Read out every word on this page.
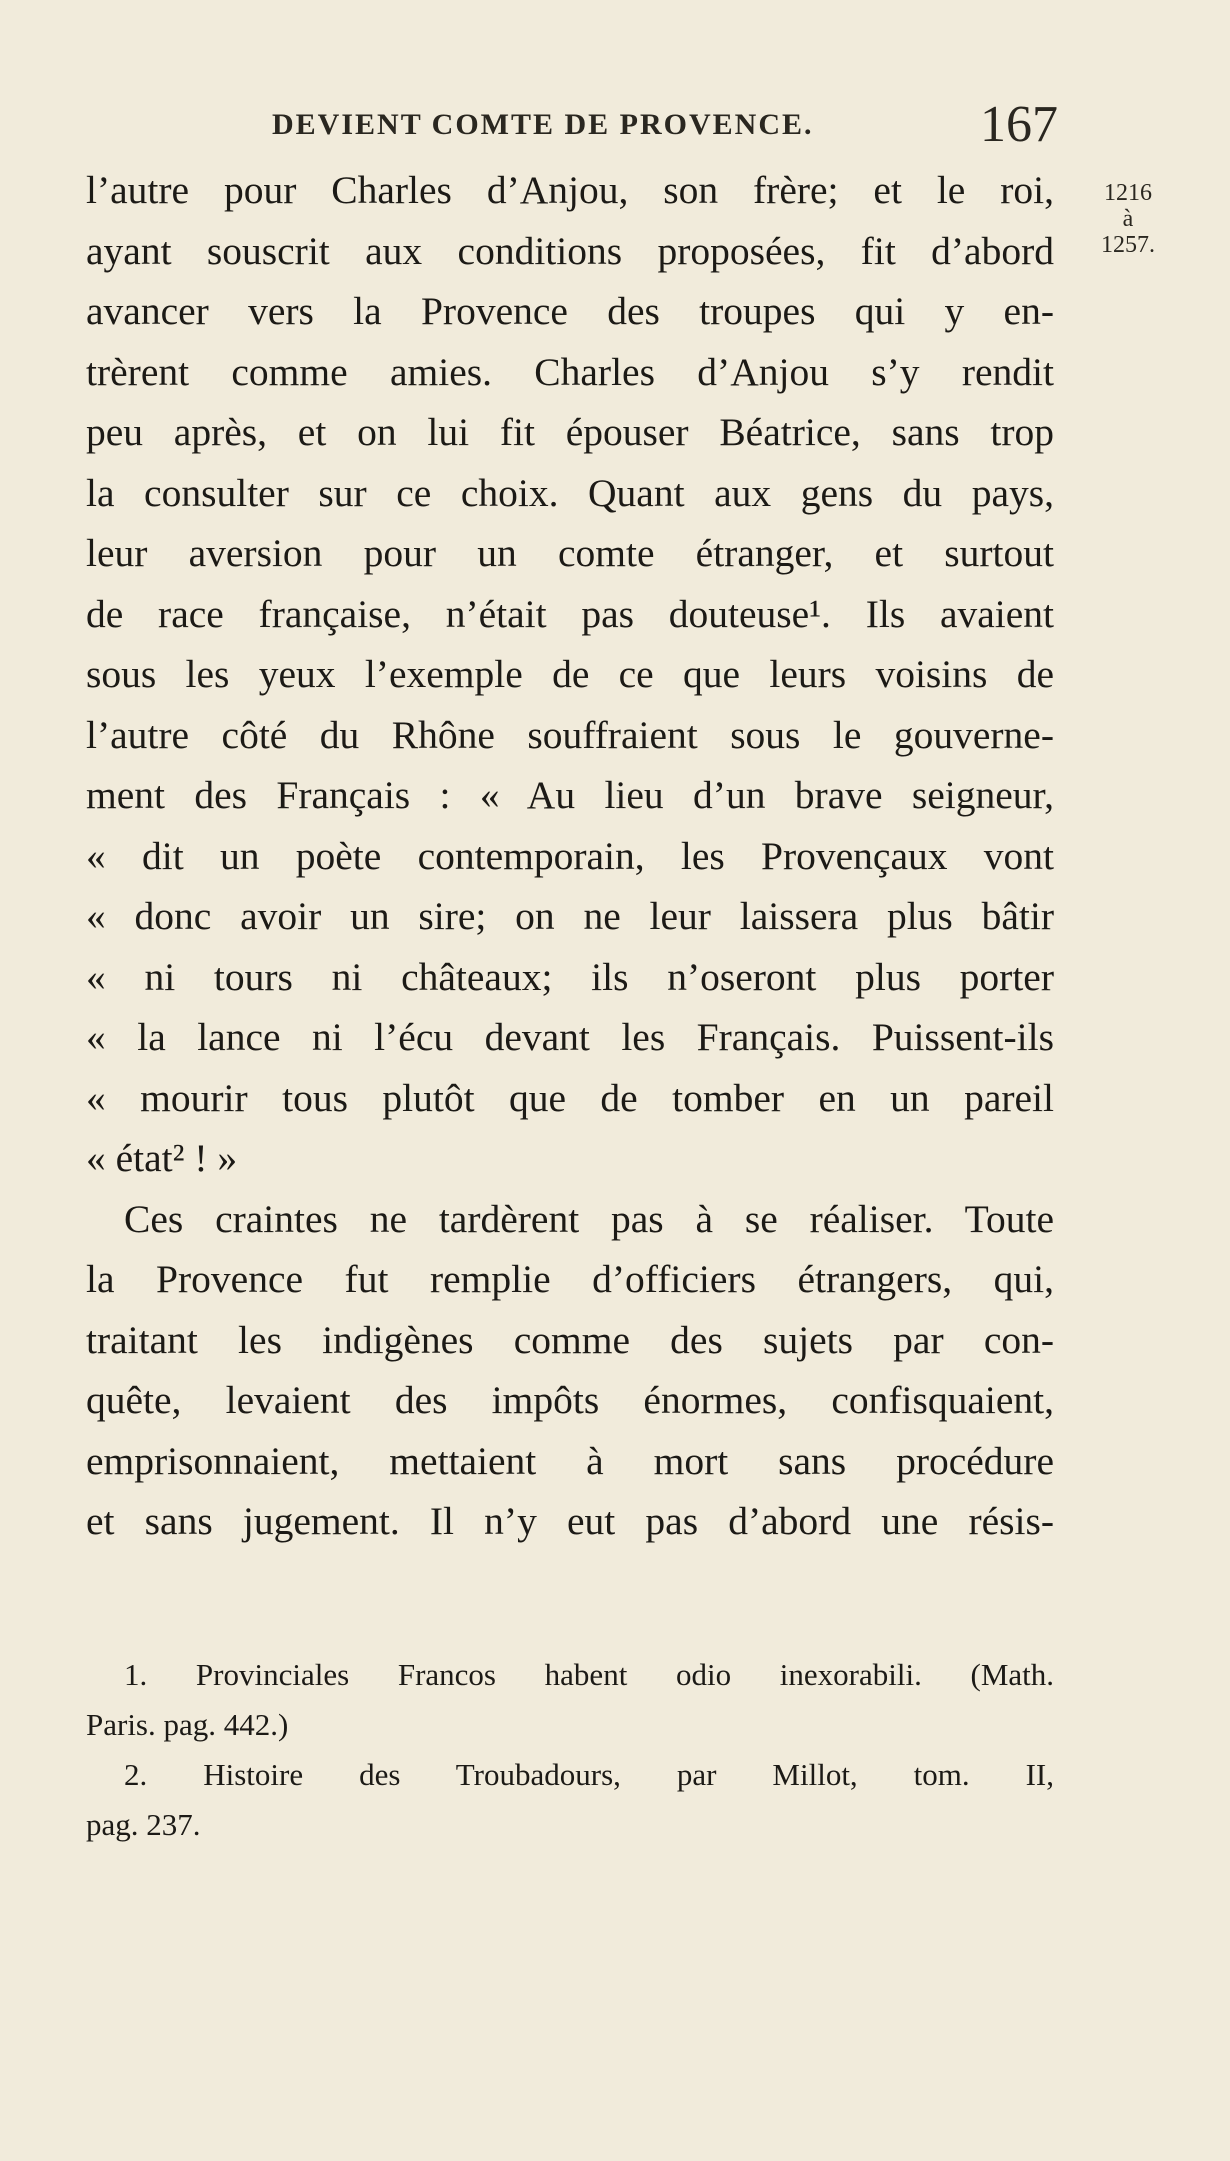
DEVIENT COMTE DE PROVENCE.	167
1216
à
1257.
l’autre pour Charles d’Anjou, son frère; et le roi,
ayant souscrit aux conditions proposées, fit d’abord
avancer vers la Provence des troupes qui y en-
trèrent comme amies. Charles d’Anjou s’y rendit
peu après, et on lui fit épouser Béatrice, sans trop
la consulter sur ce choix. Quant aux gens du pays,
leur aversion pour un comte étranger, et surtout
de race française, n’était pas douteuse¹. Ils avaient
sous les yeux l’exemple de ce que leurs voisins de
l’autre côté du Rhône souffraient sous le gouverne-
ment des Français : « Au lieu d’un brave seigneur,
« dit un poète contemporain, les Provençaux vont
« donc avoir un sire; on ne leur laissera plus bâtir
« ni tours ni châteaux; ils n’oseront plus porter
« la lance ni l’écu devant les Français. Puissent-ils
« mourir tous plutôt que de tomber en un pareil
« état² ! »
Ces craintes ne tardèrent pas à se réaliser. Toute
la Provence fut remplie d’officiers étrangers, qui,
traitant les indigènes comme des sujets par con-
quête, levaient des impôts énormes, confisquaient,
emprisonnaient, mettaient à mort sans procédure
et sans jugement. Il n’y eut pas d’abord une résis-
1. Provinciales Francos habent odio inexorabili. (Math.
Paris. pag. 442.)
2. Histoire des Troubadours, par Millot, tom. II,
pag. 237.
